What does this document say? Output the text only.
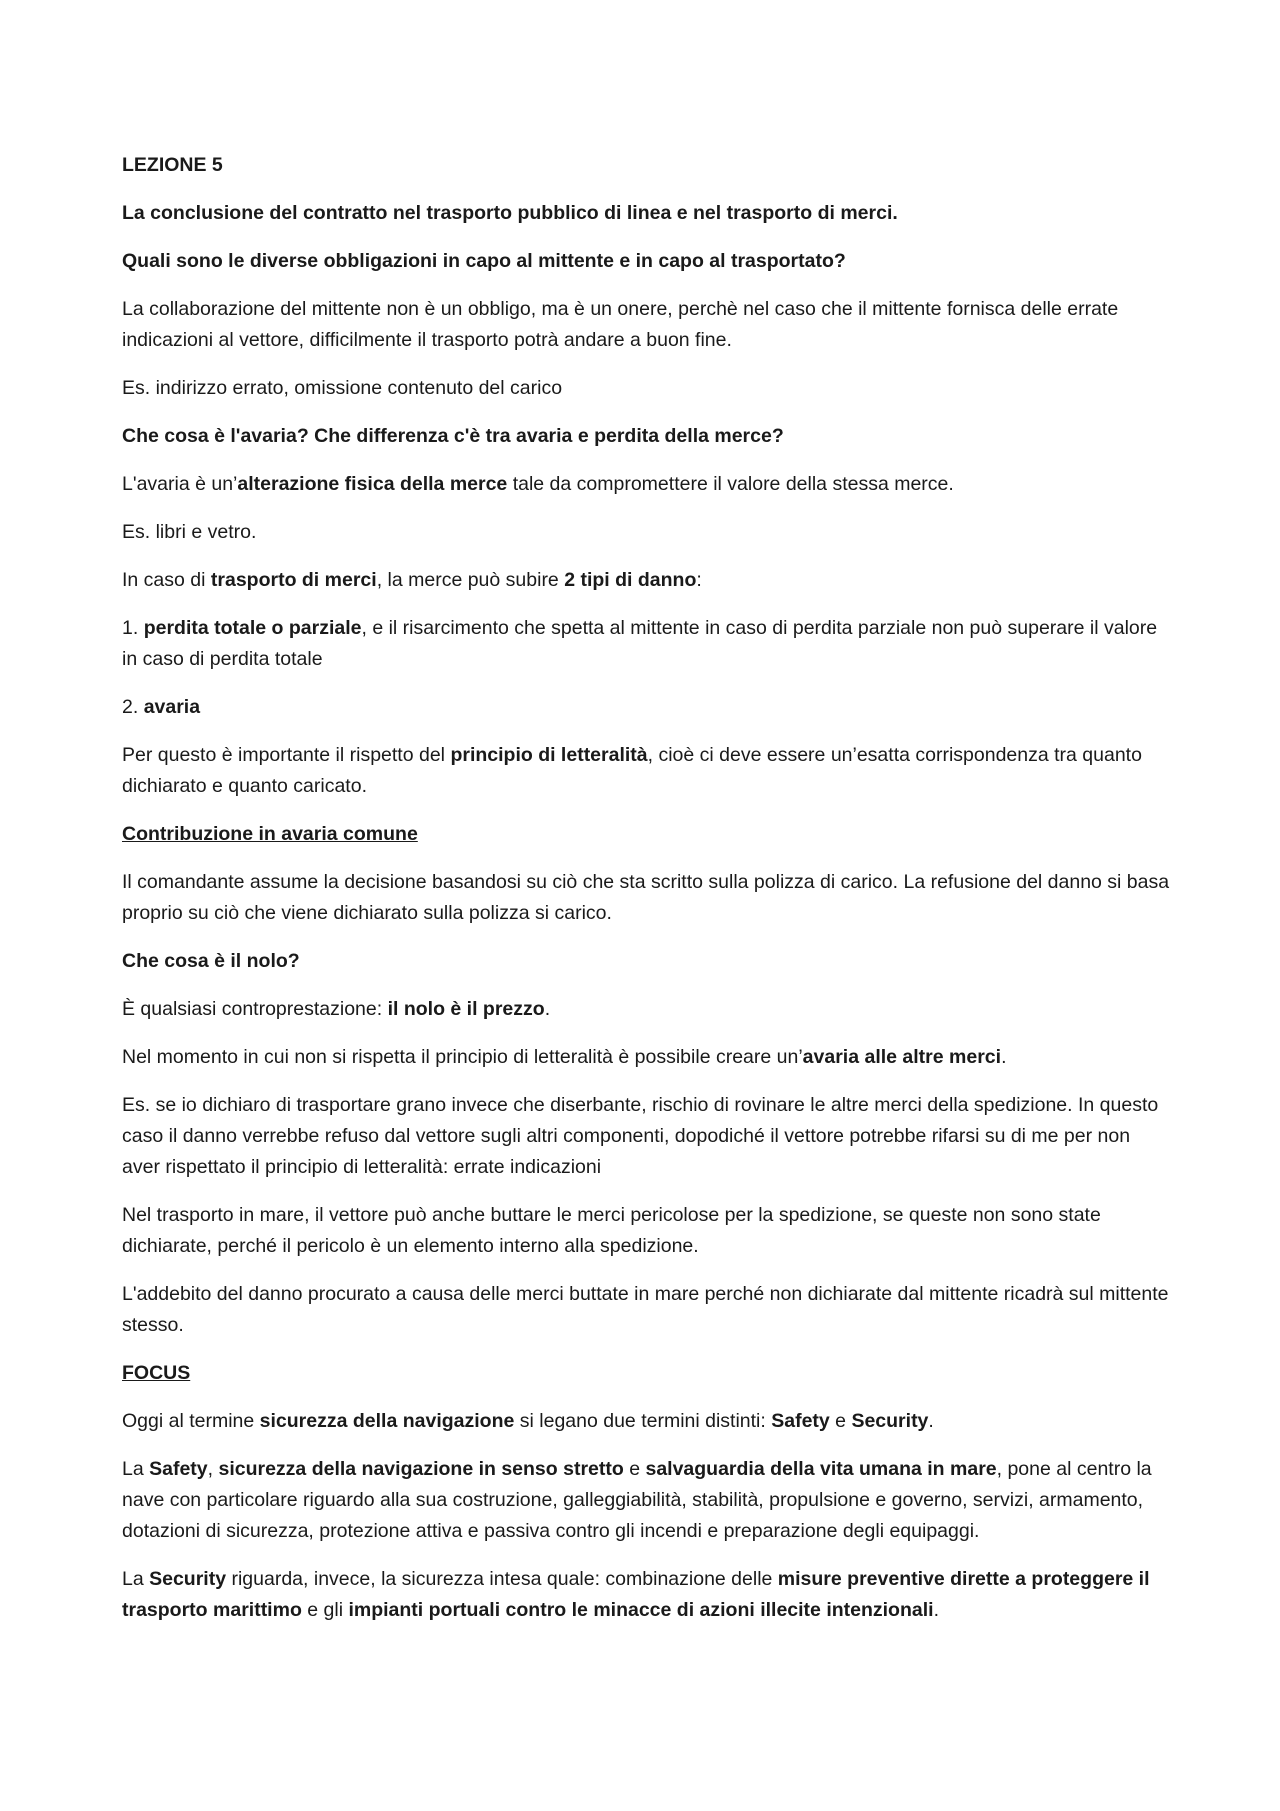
LEZIONE 5

La conclusione del contratto nel trasporto pubblico di linea e nel trasporto di merci.

Quali sono le diverse obbligazioni in capo al mittente e in capo al trasportato?

La collaborazione del mittente non è un obbligo, ma è un onere, perchè nel caso che il mittente fornisca delle errate indicazioni al vettore, difficilmente il trasporto potrà andare a buon fine.

Es. indirizzo errato, omissione contenuto del carico

Che cosa è l'avaria? Che differenza c'è tra avaria e perdita della merce?

L'avaria è un’alterazione fisica della merce tale da compromettere il valore della stessa merce.

Es. libri e vetro.

In caso di trasporto di merci, la merce può subire 2 tipi di danno:

1. perdita totale o parziale, e il risarcimento che spetta al mittente in caso di perdita parziale non può superare il valore in caso di perdita totale

2. avaria

Per questo è importante il rispetto del principio di letteralità, cioè ci deve essere un’esatta corrispondenza tra quanto dichiarato e quanto caricato.

Contribuzione in avaria comune

Il comandante assume la decisione basandosi su ciò che sta scritto sulla polizza di carico. La refusione del danno si basa proprio su ciò che viene dichiarato sulla polizza si carico.

Che cosa è il nolo?

È qualsiasi controprestazione: il nolo è il prezzo.

Nel momento in cui non si rispetta il principio di letteralità è possibile creare un’avaria alle altre merci.

Es. se io dichiaro di trasportare grano invece che diserbante, rischio di rovinare le altre merci della spedizione. In questo caso il danno verrebbe refuso dal vettore sugli altri componenti, dopodiché il vettore potrebbe rifarsi su di me per non aver rispettato il principio di letteralità: errate indicazioni

Nel trasporto in mare, il vettore può anche buttare le merci pericolose per la spedizione, se queste non sono state dichiarate, perché il pericolo è un elemento interno alla spedizione.

L'addebito del danno procurato a causa delle merci buttate in mare perché non dichiarate dal mittente ricadrà sul mittente stesso.

FOCUS

Oggi al termine sicurezza della navigazione si legano due termini distinti: Safety e Security.

La Safety, sicurezza della navigazione in senso stretto e salvaguardia della vita umana in mare, pone al centro la nave con particolare riguardo alla sua costruzione, galleggiabilità, stabilità, propulsione e governo, servizi, armamento, dotazioni di sicurezza, protezione attiva e passiva contro gli incendi e preparazione degli equipaggi.

La Security riguarda, invece, la sicurezza intesa quale: combinazione delle misure preventive dirette a proteggere il trasporto marittimo e gli impianti portuali contro le minacce di azioni illecite intenzionali.
